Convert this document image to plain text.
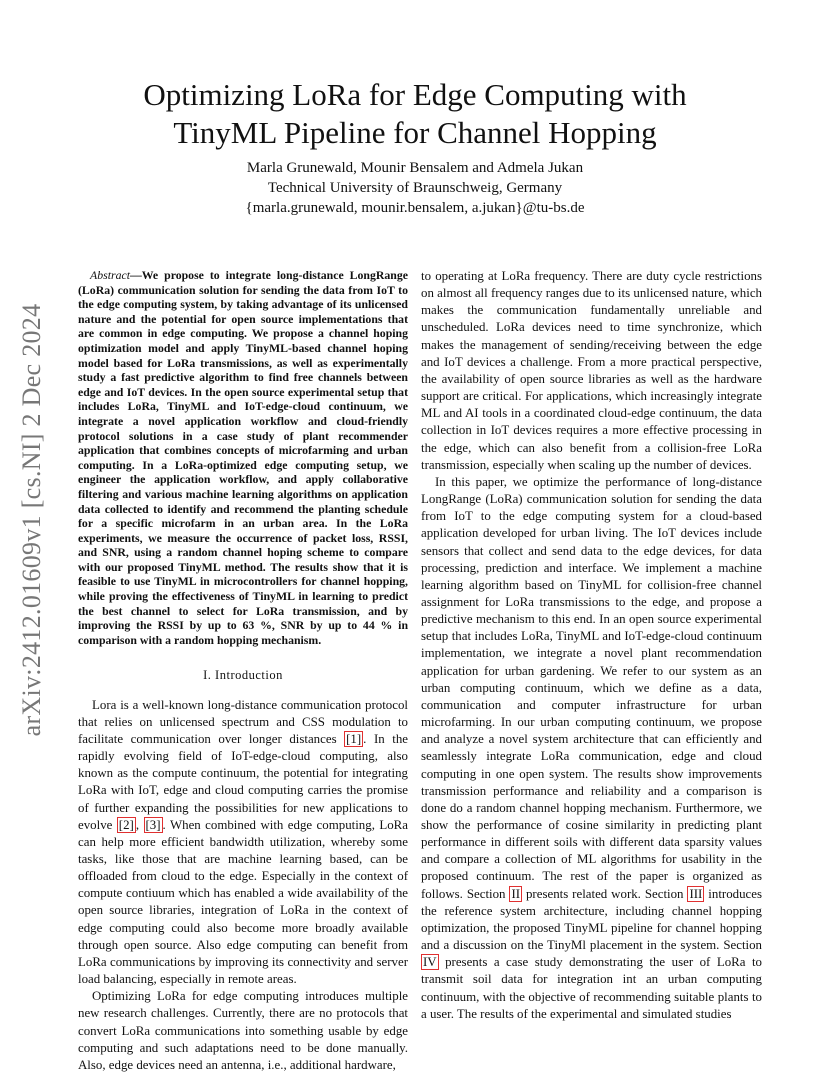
arXiv:2412.01609v1 [cs.NI] 2 Dec 2024
Optimizing LoRa for Edge Computing with
TinyML Pipeline for Channel Hopping
Marla Grunewald, Mounir Bensalem and Admela Jukan
Technical University of Braunschweig, Germany
{marla.grunewald, mounir.bensalem, a.jukan}@tu-bs.de

Abstract—We propose to integrate long-distance LongRange (LoRa) communication solution for sending the data from IoT to the edge computing system, by taking advantage of its unlicensed nature and the potential for open source implementations that are common in edge computing. We propose a channel hoping optimization model and apply TinyML-based channel hoping model based for LoRa transmissions, as well as experimentally study a fast predictive algorithm to find free channels between edge and IoT devices. In the open source experimental setup that includes LoRa, TinyML and IoT-edge-cloud continuum, we integrate a novel application workflow and cloud-friendly protocol solutions in a case study of plant recommender application that combines concepts of microfarming and urban computing. In a LoRa-optimized edge computing setup, we engineer the application workflow, and apply collaborative filtering and various machine learning algorithms on application data collected to identify and recommend the planting schedule for a specific microfarm in an urban area. In the LoRa experiments, we measure the occurrence of packet loss, RSSI, and SNR, using a random channel hoping scheme to compare with our proposed TinyML method. The results show that it is feasible to use TinyML in microcontrollers for channel hopping, while proving the effectiveness of TinyML in learning to predict the best channel to select for LoRa transmission, and by improving the RSSI by up to 63 %, SNR by up to 44 % in comparison with a random hopping mechanism.

I. Introduction

Lora is a well-known long-distance communication protocol that relies on unlicensed spectrum and CSS modulation to facilitate communication over longer distances [1] . In the rapidly evolving field of IoT-edge-cloud computing, also known as the compute continuum, the potential for integrating LoRa with IoT, edge and cloud computing carries the promise of further expanding the possibilities for new applications to evolve [2] , [3] . When combined with edge computing, LoRa can help more efficient bandwidth utilization, whereby some tasks, like those that are machine learning based, can be offloaded from cloud to the edge. Especially in the context of compute contiuum which has enabled a wide availability of the open source libraries, integration of LoRa in the context of edge computing could also become more broadly available through open source. Also edge computing can benefit from LoRa communications by improving its connectivity and server load balancing, especially in remote areas.

Optimizing LoRa for edge computing introduces multiple new research challenges. Currently, there are no protocols that convert LoRa communications into something usable by edge computing and such adaptations need to be done manually. Also, edge devices need an antenna, i.e., additional hardware,

to operating at LoRa frequency. There are duty cycle restrictions on almost all frequency ranges due to its unlicensed nature, which makes the communication fundamentally unreliable and unscheduled. LoRa devices need to time synchronize, which makes the management of sending/receiving between the edge and IoT devices a challenge. From a more practical perspective, the availability of open source libraries as well as the hardware support are critical. For applications, which increasingly integrate ML and AI tools in a coordinated cloud-edge continuum, the data collection in IoT devices requires a more effective processing in the edge, which can also benefit from a collision-free LoRa transmission, especially when scaling up the number of devices.

In this paper, we optimize the performance of long-distance LongRange (LoRa) communication solution for sending the data from IoT to the edge computing system for a cloud-based application developed for urban living. The IoT devices include sensors that collect and send data to the edge devices, for data processing, prediction and interface. We implement a machine learning algorithm based on TinyML for collision-free channel assignment for LoRa transmissions to the edge, and propose a predictive mechanism to this end. In an open source experimental setup that includes LoRa, TinyML and IoT-edge-cloud continuum implementation, we integrate a novel plant recommendation application for urban gardening. We refer to our system as an urban computing continuum, which we define as a data, communication and computer infrastructure for urban microfarming. In our urban computing continuum, we propose and analyze a novel system architecture that can efficiently and seamlessly integrate LoRa communication, edge and cloud computing in one open system. The results show improvements transmission performance and reliability and a comparison is done do a random channel hopping mechanism. Furthermore, we show the performance of cosine similarity in predicting plant performance in different soils with different data sparsity values and compare a collection of ML algorithms for usability in the proposed continuum. The rest of the paper is organized as follows. Section II presents related work. Section III introduces the reference system architecture, including channel hopping optimization, the proposed TinyML pipeline for channel hopping and a discussion on the TinyMl placement in the system. Section IV presents a case study demonstrating the user of LoRa to transmit soil data for integration int an urban computing continuum, with the objective of recommending suitable plants to a user. The results of the experimental and simulated studies
